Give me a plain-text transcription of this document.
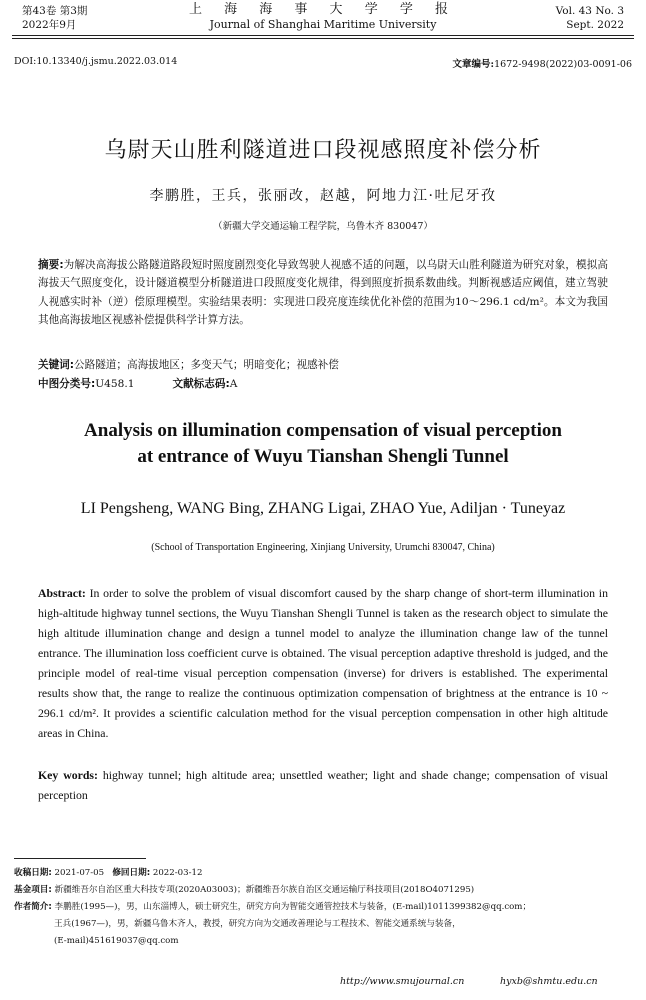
第43卷 第3期
2022年9月
上 海 海 事 大 学 学 报
Journal of Shanghai Maritime University
Vol. 43 No. 3
Sept. 2022
DOI:10.13340/j.jsmu.2022.03.014	文章编号:1672-9498(2022)03-0091-06
乌尉天山胜利隧道进口段视感照度补偿分析
李鹏胜，王兵，张丽改，赵越，阿地力江·吐尼牙孜
（新疆大学交通运输工程学院，乌鲁木齐 830047）
摘要:为解决高海拔公路隧道路段短时照度剧烈变化导致驾驶人视感不适的问题，以乌尉天山胜利隧道为研究对象，模拟高海拔天气照度变化，设计隧道模型分析隧道进口段照度变化规律，得到照度折损系数曲线。判断视感适应阈值，建立驾驶人视感实时补（逆）偿原理模型。实验结果表明：实现进口段亮度连续优化补偿的范围为10～296.1 cd/m²。本文为我国其他高海拔地区视感补偿提供科学计算方法。
关键词:公路隧道；高海拔地区；多变天气；明暗变化；视感补偿
中图分类号:U458.1	文献标志码:A
Analysis on illumination compensation of visual perception
at entrance of Wuyu Tianshan Shengli Tunnel
LI Pengsheng, WANG Bing, ZHANG Ligai, ZHAO Yue, Adiljan · Tuneyaz
(School of Transportation Engineering, Xinjiang University, Urumchi 830047, China)
Abstract: In order to solve the problem of visual discomfort caused by the sharp change of short-term illumination in high-altitude highway tunnel sections, the Wuyu Tianshan Shengli Tunnel is taken as the research object to simulate the high altitude illumination change and design a tunnel model to analyze the illumination change law of the tunnel entrance. The illumination loss coefficient curve is obtained. The visual perception adaptive threshold is judged, and the principle model of real-time visual perception compensation (inverse) for drivers is established. The experimental results show that, the range to realize the continuous optimization compensation of brightness at the entrance is 10 ~ 296.1 cd/m². It provides a scientific calculation method for the visual perception compensation in other high altitude areas in China.
Key words: highway tunnel; high altitude area; unsettled weather; light and shade change; compensation of visual perception
收稿日期: 2021-07-05 修回日期: 2022-03-12
基金项目: 新疆维吾尔自治区重大科技专项(2020A03003)；新疆维吾尔族自治区交通运输厅科技项目(2018O4071295)
作者简介: 李鹏胜(1995—)，男，山东淄博人，硕士研究生，研究方向为智能交通管控技术与装备，(E-mail)1011399382@qq.com；
王兵(1967—)，男，新疆乌鲁木齐人，教授，研究方向为交通改善理论与工程技术、智能交通系统与装备，
(E-mail)451619037@qq.com
http://www.smujournal.cn	hyxb@shmtu.edu.cn
